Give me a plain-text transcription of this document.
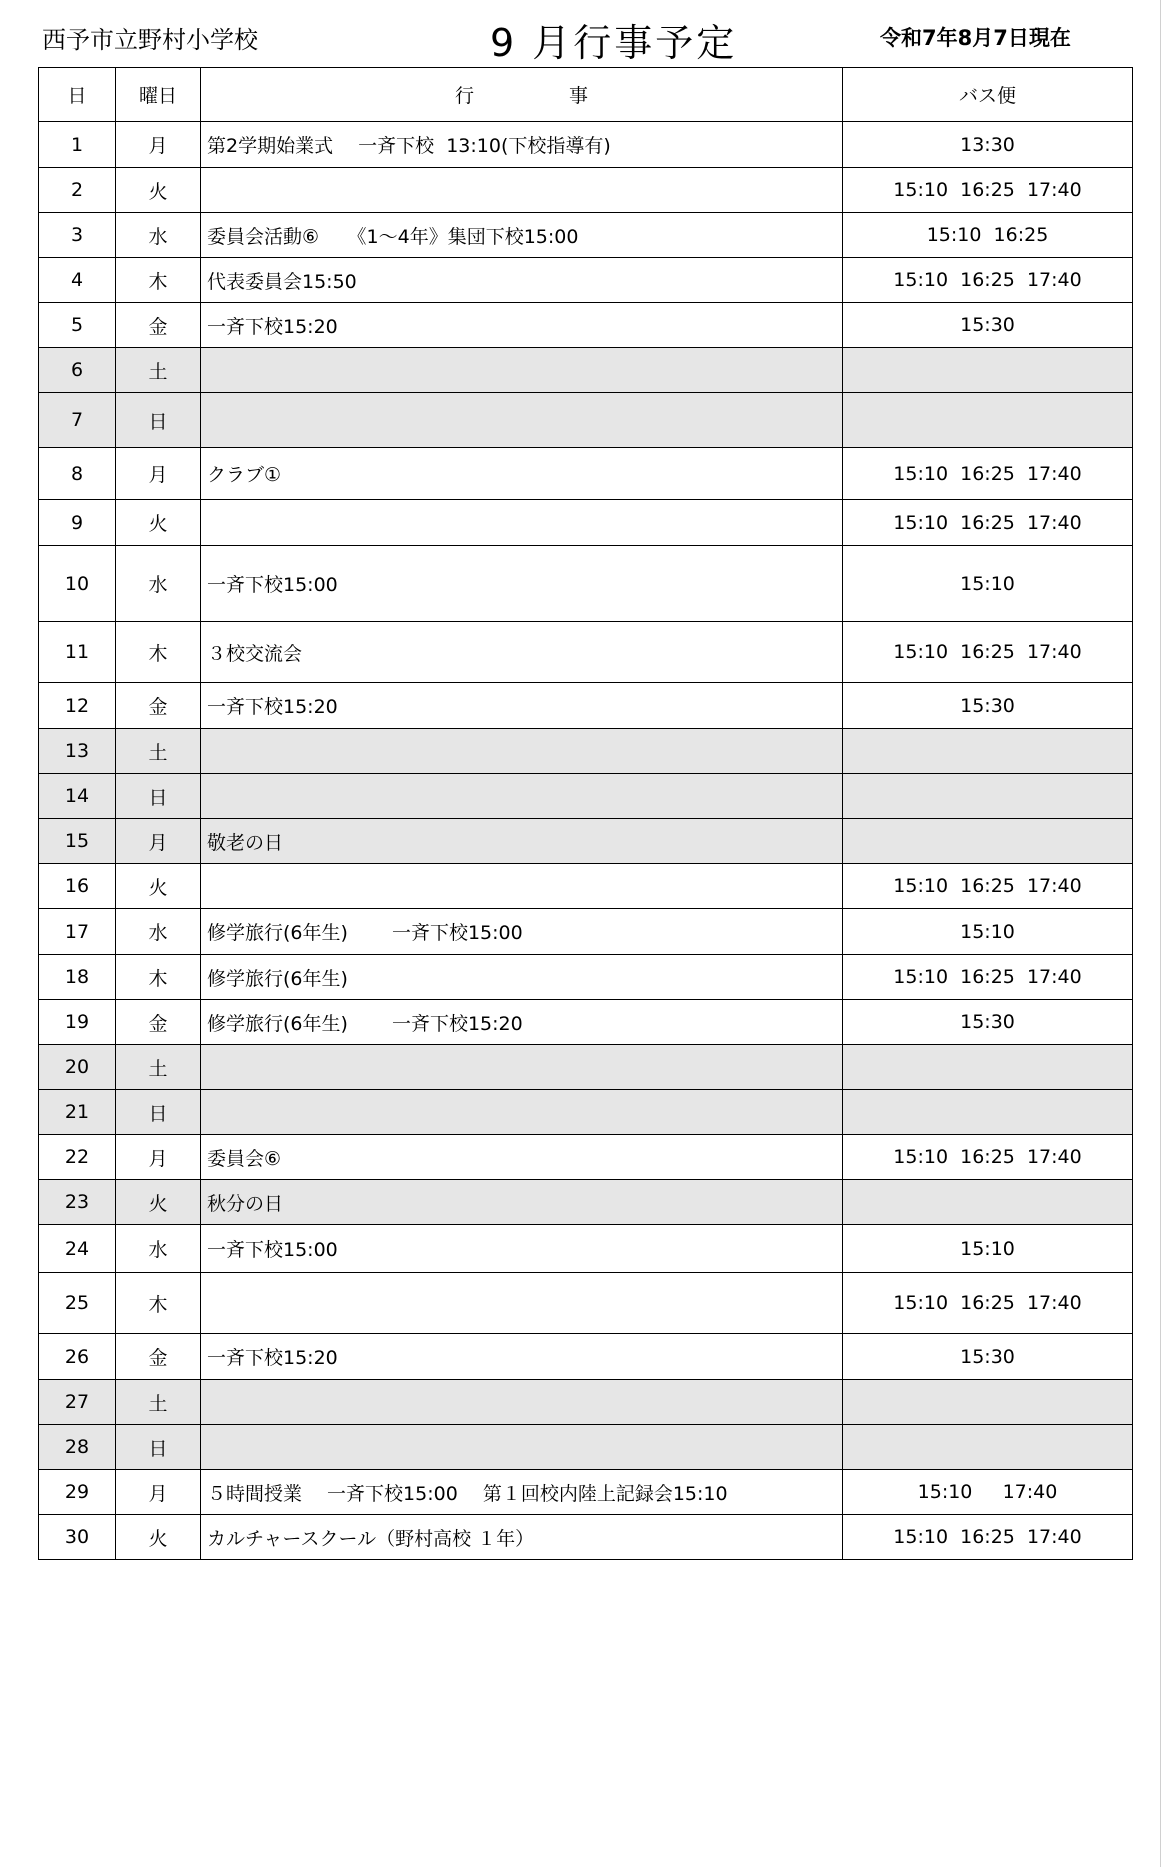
西予市立野村小学校	9 月行事予定	令和7年8月7日現在
日	曜日	行　　　　　事	バス便
1	月	第2学期始業式　 一斉下校  13:10(下校指導有)	13:30
2	火		15:10  16:25  17:40
3	水	委員会活動⑥　　《1～4年》集団下校15:00	15:10  16:25
4	木	代表委員会15:50	15:10  16:25  17:40
5	金	一斉下校15:20	15:30
6	土		
7	日		
8	月	クラブ①	15:10  16:25  17:40
9	火		15:10  16:25  17:40
10	水	一斉下校15:00	15:10
11	木	３校交流会	15:10  16:25  17:40
12	金	一斉下校15:20	15:30
13	土		
14	日		
15	月	敬老の日	
16	火		15:10  16:25  17:40
17	水	修学旅行(6年生)　　 一斉下校15:00	15:10
18	木	修学旅行(6年生)	15:10  16:25  17:40
19	金	修学旅行(6年生)　　 一斉下校15:20	15:30
20	土		
21	日		
22	月	委員会⑥	15:10  16:25  17:40
23	火	秋分の日	
24	水	一斉下校15:00	15:10
25	木		15:10  16:25  17:40
26	金	一斉下校15:20	15:30
27	土		
28	日		
29	月	５時間授業　 一斉下校15:00　 第１回校内陸上記録会15:10	15:10     17:40
30	火	カルチャースクール（野村高校 １年）	15:10  16:25  17:40
